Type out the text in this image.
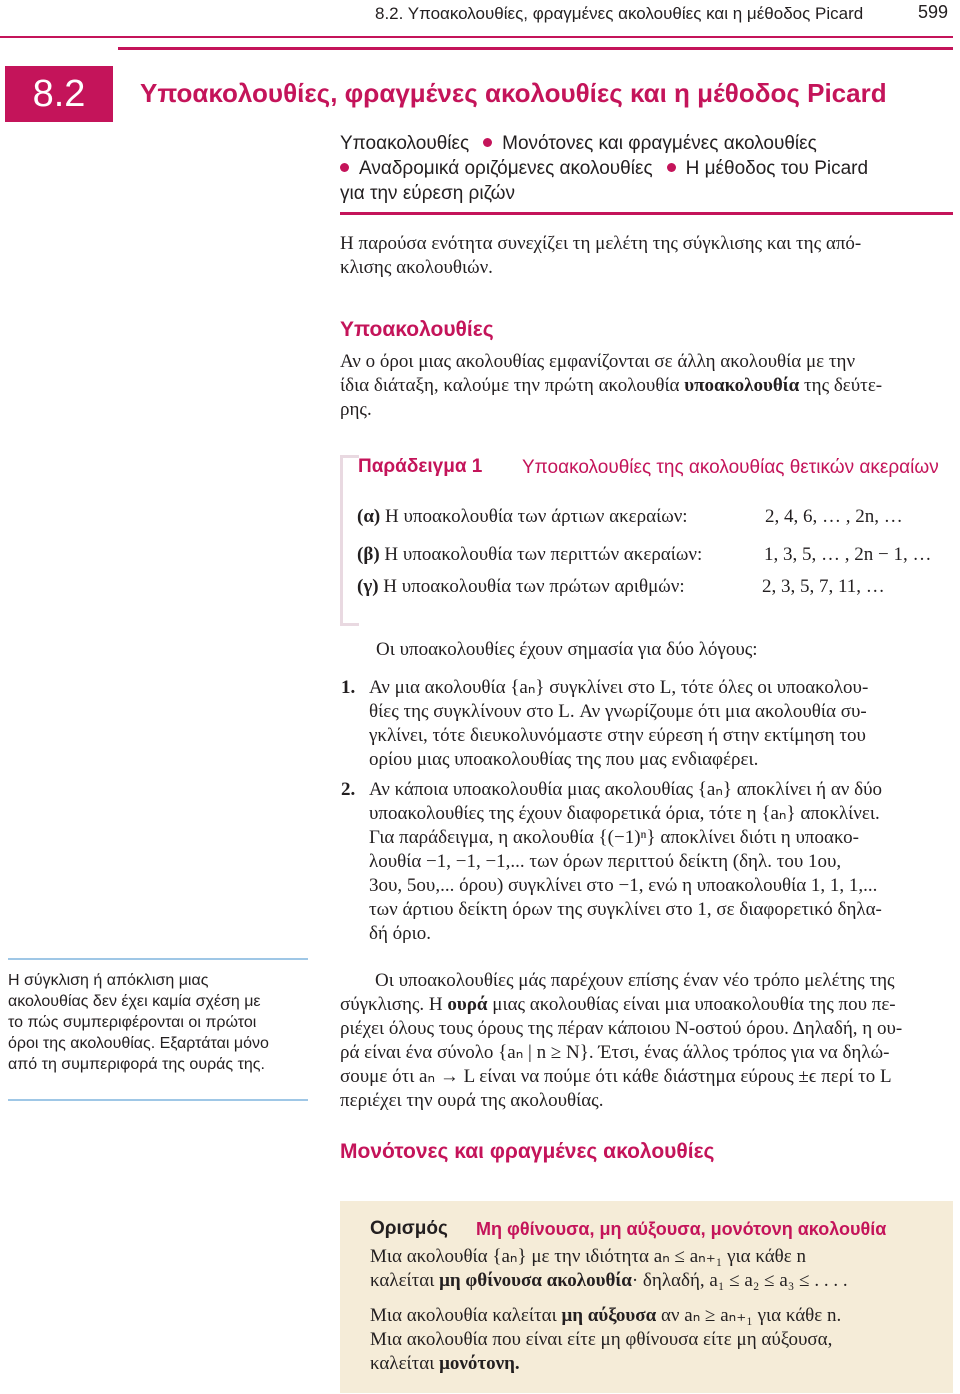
8.2. Υποακολουθίες, φραγμένες ακολουθίες και η μέθοδος Picard	599
8.2	Υποακολουθίες, φραγμένες ακολουθίες και η μέθοδος Picard
Υποακολουθίες Μονότονες και φραγμένες ακολουθίες
Αναδρομικά οριζόμενες ακολουθίες Η μέθοδος του Picard
για την εύρεση ριζών
Η παρούσα ενότητα συνεχίζει τη μελέτη της σύγκλισης και της από-
κλισης ακολουθιών.
Υποακολουθίες
Αν ο όροι μιας ακολουθίας εμφανίζονται σε άλλη ακολουθία με την
ίδια διάταξη, καλούμε την πρώτη ακολουθία υποακολουθία της δεύτε-
ρης.
Παράδειγμα 1 Υποακολουθίες της ακολουθίας θετικών ακεραίων
(α) Η υποακολουθία των άρτιων ακεραίων:	2, 4, 6, … , 2n, …
(β) Η υποακολουθία των περιττών ακεραίων:	1, 3, 5, … , 2n − 1, …
(γ) Η υποακολουθία των πρώτων αριθμών:	2, 3, 5, 7, 11, …
Οι υποακολουθίες έχουν σημασία για δύο λόγους:
1. Αν μια ακολουθία {aₙ} συγκλίνει στο L, τότε όλες οι υποακολου-
θίες της συγκλίνουν στο L. Αν γνωρίζουμε ότι μια ακολουθία συ-
γκλίνει, τότε διευκολυνόμαστε στην εύρεση ή στην εκτίμηση του
ορίου μιας υποακολουθίας της που μας ενδιαφέρει.
2. Αν κάποια υποακολουθία μιας ακολουθίας {aₙ} αποκλίνει ή αν δύο
υποακολουθίες της έχουν διαφορετικά όρια, τότε η {aₙ} αποκλίνει.
Για παράδειγμα, η ακολουθία {(−1)ⁿ} αποκλίνει διότι η υποακο-
λουθία −1, −1, −1,... των όρων περιττού δείκτη (δηλ. του 1ου,
3ου, 5ου,... όρου) συγκλίνει στο −1, ενώ η υποακολουθία 1, 1, 1,...
των άρτιου δείκτη όρων της συγκλίνει στο 1, σε διαφορετικό δηλα-
δή όριο.
Η σύγκλιση ή απόκλιση μιας
ακολουθίας δεν έχει καμία σχέση με
το πώς συμπεριφέρονται οι πρώτοι
όροι της ακολουθίας. Εξαρτάται μόνο
από τη συμπεριφορά της ουράς της.
Οι υποακολουθίες μάς παρέχουν επίσης έναν νέο τρόπο μελέτης της
σύγκλισης. Η ουρά μιας ακολουθίας είναι μια υποακολουθία της που πε-
ριέχει όλους τους όρους της πέραν κάποιου N-οστού όρου. Δηλαδή, η ου-
ρά είναι ένα σύνολο {aₙ | n ≥ N}. Έτσι, ένας άλλος τρόπος για να δηλώ-
σουμε ότι aₙ → L είναι να πούμε ότι κάθε διάστημα εύρους ±ϵ περί το L
περιέχει την ουρά της ακολουθίας.
Μονότονες και φραγμένες ακολουθίες
Ορισμός Μη φθίνουσα, μη αύξουσα, μονότονη ακολουθία
Μια ακολουθία {aₙ} με την ιδιότητα aₙ ≤ aₙ₊₁ για κάθε n
καλείται μη φθίνουσα ακολουθία· δηλαδή, a₁ ≤ a₂ ≤ a₃ ≤ . . . .
Μια ακολουθία καλείται μη αύξουσα αν aₙ ≥ aₙ₊₁ για κάθε n.
Μια ακολουθία που είναι είτε μη φθίνουσα είτε μη αύξουσα,
καλείται μονότονη.
